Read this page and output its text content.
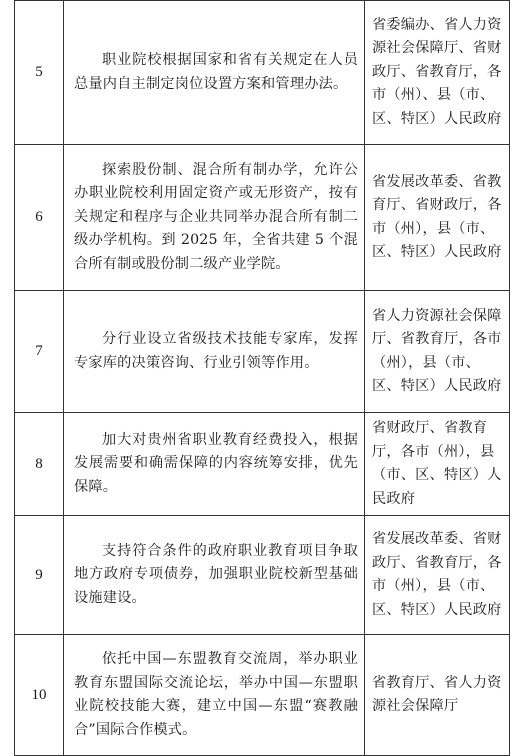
5	职业院校根据国家和省有关规定在人员总量内自主制定岗位设置方案和管理办法。	省委编办、省人力资源社会保障厅、省财政厅、省教育厅，各市（州）、县（市、区、特区）人民政府
6	探索股份制、混合所有制办学，允许公办职业院校利用固定资产或无形资产，按有关规定和程序与企业共同举办混合所有制二级办学机构。到 2025 年，全省共建 5 个混合所有制或股份制二级产业学院。	省发展改革委、省教育厅、省财政厅，各市（州），县（市、区、特区）人民政府
7	分行业设立省级技术技能专家库，发挥专家库的决策咨询、行业引领等作用。	省人力资源社会保障厅、省教育厅，各市（州），县（市、区、特区）人民政府
8	加大对贵州省职业教育经费投入，根据发展需要和确需保障的内容统筹安排，优先保障。	省财政厅、省教育厅，各市（州），县（市、区、特区）人民政府
9	支持符合条件的政府职业教育项目争取地方政府专项债券，加强职业院校新型基础设施建设。	省发展改革委、省财政厅、省教育厅，各市（州），县（市、区、特区）人民政府
10	依托中国—东盟教育交流周，举办职业教育东盟国际交流论坛，举办中国—东盟职业院校技能大赛，建立中国—东盟“赛教融合”国际合作模式。	省教育厅、省人力资源社会保障厅
